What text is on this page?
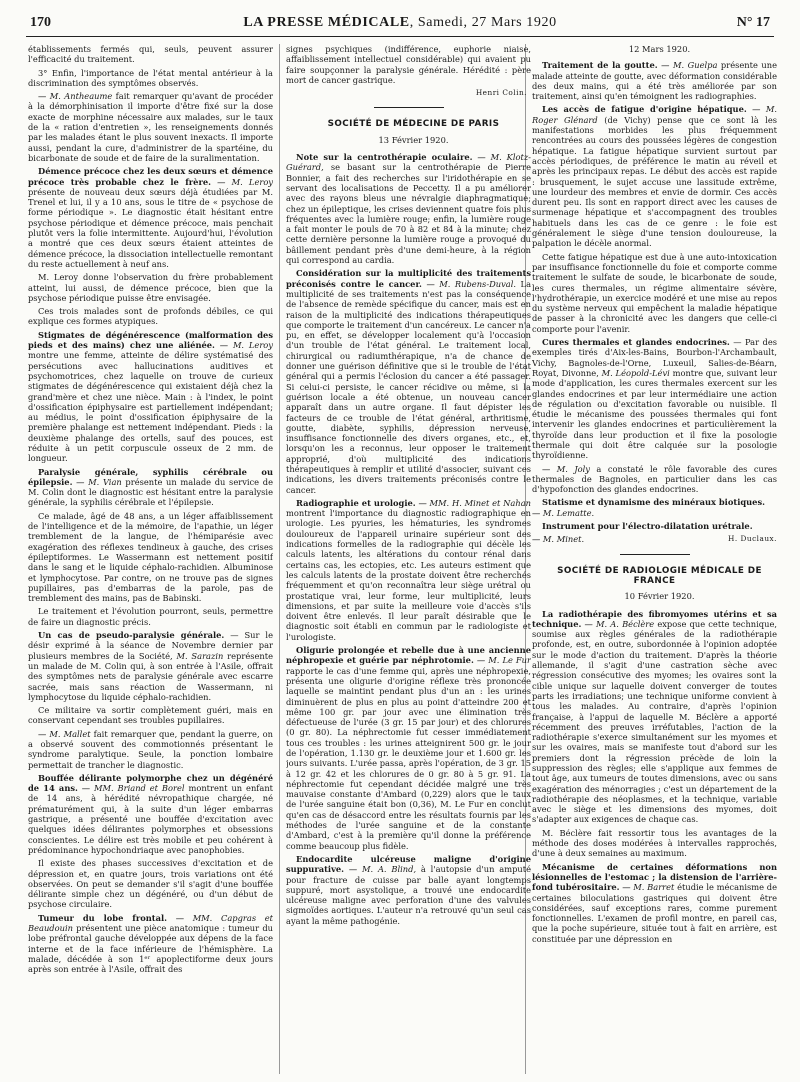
170	LA PRESSE MÉDICALE, Samedi, 27 Mars 1920	N° 17

établissements fermés qui, seuls, peuvent assurer l'efficacité du traitement.

3° Enfin, l'importance de l'état mental antérieur à la discrimination des symptômes observés.

— M. Antheaume fait remarquer qu'avant de procéder à la démorphinisation il importe d'être fixé sur la dose exacte de morphine nécessaire aux malades, sur le taux de la « ration d'entretien », les renseignements donnés par les malades étant le plus souvent inexacts. Il importe aussi, pendant la cure, d'administrer de la spartéine, du bicarbonate de soude et de faire de la suralimentation.

Démence précoce chez les deux sœurs et démence précoce très probable chez le frère. — M. Leroy présente de nouveau deux sœurs déjà étudiées par M. Trenel et lui, il y a 10 ans, sous le titre de « psychose de forme périodique ». Le diagnostic était hésitant entre psychose périodique et démence précoce, mais penchait plutôt vers la folie intermittente. Aujourd'hui, l'évolution a montré que ces deux sœurs étaient atteintes de démence précoce, la dissociation intellectuelle remontant du reste actuellement à neuf ans.

M. Leroy donne l'observation du frère probablement atteint, lui aussi, de démence précoce, bien que la psychose périodique puisse être envisagée.

Ces trois malades sont de profonds débiles, ce qui explique ces formes atypiques.

Stigmates de dégénérescence (malformation des pieds et des mains) chez une aliénée. — M. Leroy montre une femme, atteinte de délire systématisé des persécutions avec hallucinations auditives et psychomotrices, chez laquelle on trouve de curieux stigmates de dégénérescence qui existaient déjà chez la grand'mère et chez une nièce. Main : à l'index, le point d'ossification épiphysaire est partiellement indépendant; au médius, le point d'ossification épiphysaire de la première phalange est nettement indépendant. Pieds : la deuxième phalange des ortells, sauf des pouces, est réduite à un petit corpuscule osseux de 2 mm. de longueur.

Paralysie générale, syphilis cérébrale ou épilepsie. — M. Vian présente un malade du service de M. Colin dont le diagnostic est hésitant entre la paralysie générale, la syphilis cérébrale et l'épilepsie.

Ce malade, âgé de 48 ans, a un léger affaiblissement de l'intelligence et de la mémoire, de l'apathie, un léger tremblement de la langue, de l'hémiparésie avec exagération des réflexes tendineux à gauche, des crises épileptiformes. Le Wassermann est nettement positif dans le sang et le liquide céphalo-rachidien. Albuminose et lymphocytose. Par contre, on ne trouve pas de signes pupillaires, pas d'embarras de la parole, pas de tremblement des mains, pas de Babinski.

Le traitement et l'évolution pourront, seuls, permettre de faire un diagnostic précis.

Un cas de pseudo-paralysie générale. — Sur le désir exprimé à la séance de Novembre dernier par plusieurs membres de la Société, M. Sarazin représente un malade de M. Colin qui, à son entrée à l'Asile, offrait des symptômes nets de paralysie générale avec escarre sacrée, mais sans réaction de Wassermann, ni lymphocytose du liquide céphalo-rachidien.

Ce militaire va sortir complètement guéri, mais en conservant cependant ses troubles pupillaires.

— M. Mallet fait remarquer que, pendant la guerre, on a observé souvent des commotionnés présentant le syndrome paralytique. Seule, la ponction lombaire permettait de trancher le diagnostic.

Bouffée délirante polymorphe chez un dégénéré de 14 ans. — MM. Briand et Borel montrent un enfant de 14 ans, à hérédité névropathique chargée, né prématurément qui, à la suite d'un léger embarras gastrique, a présenté une bouffée d'excitation avec quelques idées délirantes polymorphes et obsessions conscientes. Le délire est très mobile et peu cohérent à prédominance hypochondriaque avec panophobies.

Il existe des phases successives d'excitation et de dépression et, en quatre jours, trois variations ont été observées. On peut se demander s'il s'agit d'une bouffée délirante simple chez un dégénéré, ou d'un début de psychose circulaire.

Tumeur du lobe frontal. — MM. Capgras et Beaudouin présentent une pièce anatomique : tumeur du lobe préfrontal gauche développée aux dépens de la face interne et de la face inférieure de l'hémisphère. La malade, décédée à son 1ᵉʳ apoplectiforme deux jours après son entrée à l'Asile, offrait des

signes psychiques (indifférence, euphorie niaise, affaiblissement intellectuel considérable) qui avaient pu faire soupçonner la paralysie générale. Hérédité : père mort de cancer gastrique.

Henri Colin.

SOCIÉTÉ DE MÉDECINE DE PARIS

13 Février 1920.

Note sur la centrothérapie oculaire. — M. Klotz-Guérard, se basant sur la centrothérapie de Pierre Bonnier, a fait des recherches sur l'iridothérapie en se servant des localisations de Peccetty. Il a pu améliorer avec des rayons bleus une névralgie diaphragmatique; chez un épileptique, les crises deviennent quatre fois plus fréquentes avec la lumière rouge; enfin, la lumière rouge a fait monter le pouls de 70 à 82 et 84 à la minute; chez cette dernière personne la lumière rouge a provoqué du bâillement pendant près d'une demi-heure, à la région qui correspond au cardia.

Considération sur la multiplicité des traitements préconisés contre le cancer. — M. Rubens-Duval. La multiplicité de ses traitements n'est pas la conséquence de l'absence de remède spécifique du cancer, mais est en raison de la multiplicité des indications thérapeutiques que comporte le traitement d'un cancéreux. Le cancer n'a pu, en effet, se développer localement qu'à l'occasion d'un trouble de l'état général. Le traitement local, chirurgical ou radiumthérapique, n'a de chance de donner une guérison définitive que si le trouble de l'état général qui a permis l'éclosion du cancer a été passager. Si celui-ci persiste, le cancer récidive ou même, si la guérison locale a été obtenue, un nouveau cancer apparaît dans un autre organe. Il faut dépister les facteurs de ce trouble de l'état général, arthritisme, goutte, diabète, syphilis, dépression nerveuse, insuffisance fonctionnelle des divers organes, etc., et, lorsqu'on les a reconnus, leur opposer le traitement approprié, d'où multiplicité des indications thérapeutiques à remplir et utilité d'associer, suivant ces indications, les divers traitements préconisés contre le cancer.

Radiographie et urologie. — MM. H. Minet et Nahan montrent l'importance du diagnostic radiographique en urologie. Les pyuries, les hématuries, les syndromes douloureux de l'appareil urinaire supérieur sont des indications formelles de la radiographie qui décèle les calculs latents, les altérations du contour rénal dans certains cas, les ectopies, etc. Les auteurs estiment que les calculs latents de la prostate doivent être recherchés fréquemment et qu'on reconnaîtra leur siège urétral ou prostatique vrai, leur forme, leur multiplicité, leurs dimensions, et par suite la meilleure voie d'accès s'ils doivent être enlevés. Il leur paraît désirable que le diagnostic soit établi en commun par le radiologiste et l'urologiste.

Oligurie prolongée et rebelle due à une ancienne néphropexie et guérie par néphrotomie. — M. Le Fur rapporte le cas d'une femme qui, après une néphropexie, présenta une oligurie d'origine réflexe très prononcée laquelle se maintint pendant plus d'un an : les urines diminuèrent de plus en plus au point d'atteindre 200 et même 100 gr. par jour avec une élimination très défectueuse de l'urée (3 gr. 15 par jour) et des chlorures (0 gr. 80). La néphrectomie fut cesser immédiatement tous ces troubles : les urines atteignirent 500 gr. le jour de l'opération, 1.130 gr. le deuxième jour et 1.600 gr. les jours suivants. L'urée passa, après l'opération, de 3 gr. 15 à 12 gr. 42 et les chlorures de 0 gr. 80 à 5 gr. 91. La néphrectomie fut cependant décidée malgré une très mauvaise constante d'Ambard (0,229) alors que le taux de l'urée sanguine était bon (0,36), M. Le Fur en conclut qu'en cas de désaccord entre les résultats fournis par les méthodes de l'urée sanguine et de la constante d'Ambard, c'est à la première qu'il donne la préférence comme beaucoup plus fidèle.

Endocardite ulcéreuse maligne d'origine suppurative. — M. A. Blind, à l'autopsie d'un amputé pour fracture de cuisse par balle ayant longtemps suppuré, mort asystolique, a trouvé une endocardite ulcéreuse maligne avec perforation d'une des valvules sigmoïdes aortiques. L'auteur n'a retrouvé qu'un seul cas ayant la même pathogénie.

12 Mars 1920.

Traitement de la goutte. — M. Guelpa présente une malade atteinte de goutte, avec déformation considérable des deux mains, qui a été très améliorée par son traitement, ainsi qu'en témoignent les radiographies.

Les accès de fatigue d'origine hépatique. — M. Roger Glénard (de Vichy) pense que ce sont là les manifestations morbides les plus fréquemment rencontrées au cours des poussées légères de congestion hépatique. La fatigue hépatique survient surtout par accès périodiques, de préférence le matin au réveil et après les principaux repas. Le début des accès est rapide : brusquement, le sujet accuse une lassitude extrême, une lourdeur des membres et envie de dormir. Ces accès durent peu. Ils sont en rapport direct avec les causes de surmenage hépatique et s'accompagnent des troubles habituels dans les cas de ce genre : le foie est généralement le siège d'une tension douloureuse, la palpation le décèle anormal.

Cette fatigue hépatique est due à une auto-intoxication par insuffisance fonctionnelle du foie et comporte comme traitement le sulfate de soude, le bicarbonate de soude, les cures thermales, un régime alimentaire sévère, l'hydrothérapie, un exercice modéré et une mise au repos du système nerveux qui empêchent la maladie hépatique de passer à la chronicité avec les dangers que celle-ci comporte pour l'avenir.

Cures thermales et glandes endocrines. — Par des exemples tirés d'Aix-les-Bains, Bourbon-l'Archambault, Vichy, Bagnoles-de-l'Orne, Luxeuil, Salies-de-Béarn, Royat, Divonne, M. Léopold-Lévi montre que, suivant leur mode d'application, les cures thermales exercent sur les glandes endocrines et par leur intermédiaire une action de régulation ou d'excitation favorable ou nuisible. Il étudie le mécanisme des poussées thermales qui font intervenir les glandes endocrines et particulièrement la thyroïde dans leur production et il fixe la posologie thermale qui doit être calquée sur la posologie thyroïdienne.

— M. Joly a constaté le rôle favorable des cures thermales de Bagnoles, en particulier dans les cas d'hypofonction des glandes endocrines.

Statisme et dynamisme des minéraux biotiques.
— M. Lematte.

Instrument pour l'électro-dilatation urétrale.

— M. Minet.	H. Duclaux.

SOCIÉTÉ DE RADIOLOGIE MÉDICALE DE FRANCE

10 Février 1920.

La radiothérapie des fibromyomes utérins et sa technique. — M. A. Béclère expose que cette technique, soumise aux règles générales de la radiothérapie profonde, est, en outre, subordonnée à l'opinion adoptée sur le mode d'action du traitement. D'après la théorie allemande, il s'agit d'une castration sèche avec régression consécutive des myomes; les ovaires sont la cible unique sur laquelle doivent converger de toutes parts les irradiations; une technique uniforme convient à tous les malades. Au contraire, d'après l'opinion française, à l'appui de laquelle M. Béclère a apporté récemment des preuves irréfutables, l'action de la radiothérapie s'exerce simultanément sur les myomes et sur les ovaires, mais se manifeste tout d'abord sur les premiers dont la régression précède de loin la suppression des règles; elle s'applique aux femmes de tout âge, aux tumeurs de toutes dimensions, avec ou sans exagération des ménorragies ; c'est un département de la radiothérapie des néoplasmes, et la technique, variable avec le siège et les dimensions des myomes, doit s'adapter aux exigences de chaque cas.

M. Béclère fait ressortir tous les avantages de la méthode des doses modérées à intervalles rapprochés, d'une à deux semaines au maximum.

Mécanisme de certaines déformations non lésionnelles de l'estomac ; la distension de l'arrière-fond tubérositaire. — M. Barret étudie le mécanisme de certaines biloculations gastriques qui doivent être considérées, sauf exceptions rares, comme purement fonctionnelles. L'examen de profil montre, en pareil cas, que la poche supérieure, située tout à fait en arrière, est constituée par une dépression en
